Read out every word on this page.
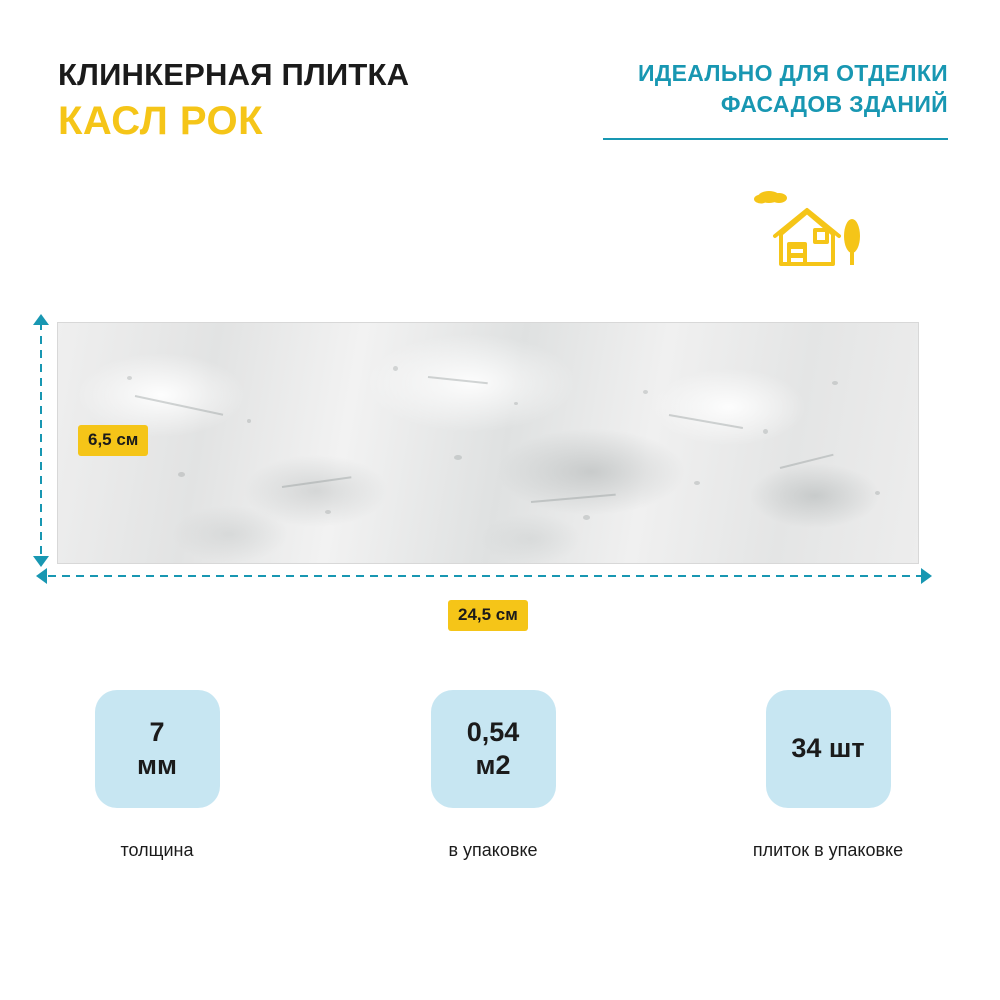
КЛИНКЕРНАЯ ПЛИТКА
КАСЛ РОК
ИДЕАЛЬНО ДЛЯ ОТДЕЛКИ
ФАСАДОВ ЗДАНИЙ
6,5 см
24,5 см
7
мм
толщина
0,54
м2
в упаковке
34 шт
плиток в упаковке
